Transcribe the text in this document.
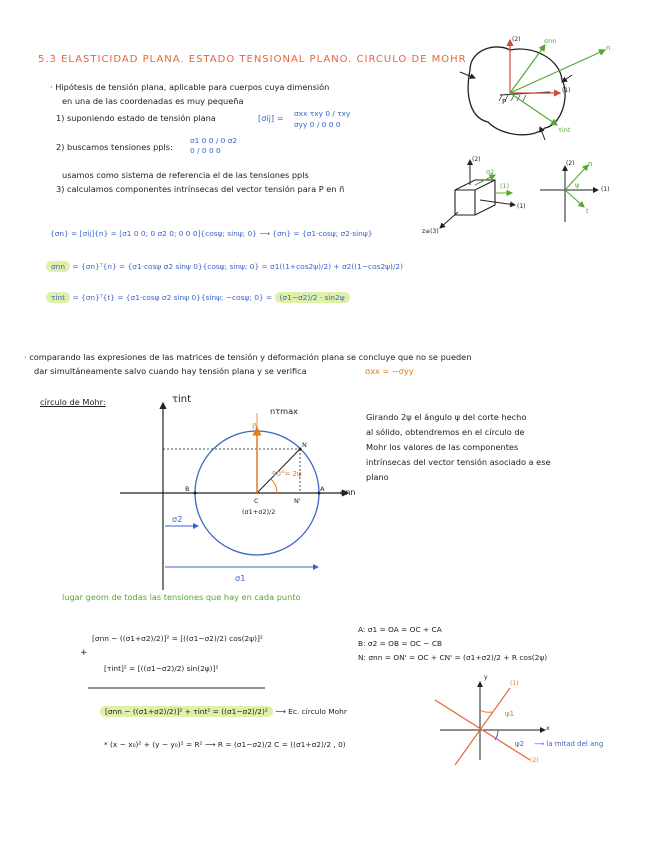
5.3 ELASTICIDAD PLANA. ESTADO TENSIONAL PLANO. CIRCULO DE MOHR
· Hipótesis de tensión plana, aplicable para cuerpos cuya dimensión
en una de las coordenadas es muy pequeña
1) suponiendo estado de tensión plana	[σij] = σxx τxy 0 / τxy σyy 0 / 0 0 0
2) buscamos tensiones ppls:
σ1 0 0 / 0 σ2 0 / 0 0 0
usamos como sistema de referencia el de las tensiones ppls
3) calculamos componentes intrínsecas del vector tensión para P en n⃗
{σn} = [σij]{n} = [σ1 0 0; 0 σ2 0; 0 0 0]{cosψ; sinψ; 0} ⟶ {σn} = {σ1·cosψ; σ2·sinψ}
σnn = {σn}ᵀ{n} = {σ1·cosψ σ2 sinψ 0}{cosψ; sinψ; 0} = σ1((1+cos2ψ)/2) + σ2((1−cos2ψ)/2)
τint = {σn}ᵀ{t} = {σ1·cosψ σ2 sinψ 0}{sinψ; −cosψ; 0} = (σ1−σ2)/2 · sin2ψ
· comparando las expresiones de las matrices de tensión y deformación plana se concluye que no se pueden
dar simultáneamente salvo cuando hay tensión plana y se verifica	σxx = −σyy
círculo de Mohr:	τint
σnn
nτmax
n⃗
N
B
C
A
N'
90°= 2ψ
(σ1+σ2)/2
σ2
σ1
Girando 2ψ el ángulo ψ del corte hecho
al sólido, obtendremos en el círculo de
Mohr los valores de las componentes
intrínsecas del vector tensión asociado a ese
plano
lugar geom de todas las tensiones que hay en cada punto
A: σ1 = OA = OC + CA
B: σ2 = OB = OC − CB
N: σnn = ON' = OC + CN' = (σ1+σ2)/2 + R cos(2ψ)
[σnn − ((σ1+σ2)/2)]² = [((σ1−σ2)/2) cos(2ψ)]²
+
[τint]² = [((σ1−σ2)/2) sin(2ψ)]²
[σnn − ((σ1+σ2)/2)]² + τint² = ((σ1−σ2)/2)² ⟶ Ec. círculo Mohr
* (x − x₀)² + (y − y₀)² = R² ⟶ R = (σ1−σ2)/2 C = ((σ1+σ2)/2 , 0)
(2)
(1)
σnn
n
τint
P
(2)
(1)
z≡(3)
σ2
(1)
(2)
(1)
n
ψ
t
y
x
(1)
(2)
ψ1
ψ2 ⟶ la mitad del ang
